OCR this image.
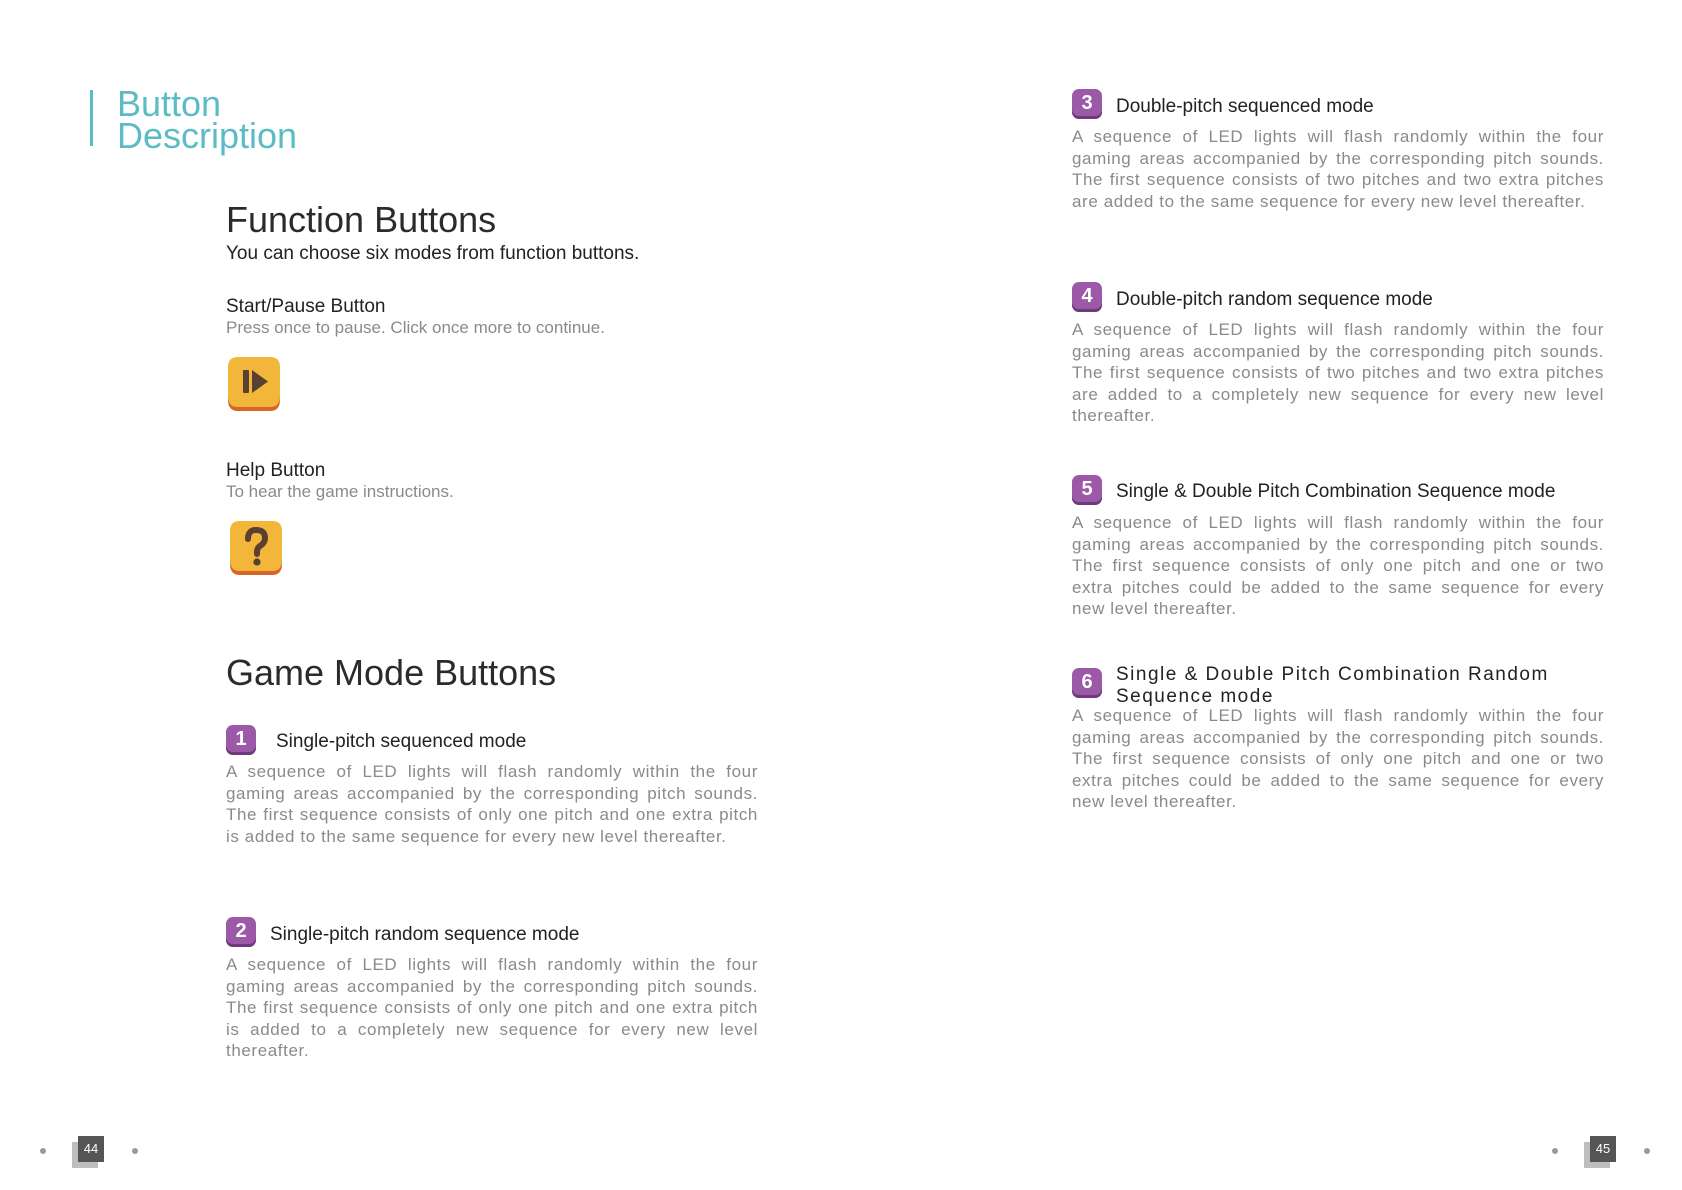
Button
Description
Function Buttons
You can choose six modes from function buttons.
Start/Pause Button
Press once to pause. Click once more to continue.
Help Button
To hear the game instructions.
Game Mode Buttons
1	Single-pitch sequenced mode
A sequence of LED lights will flash randomly within the four gaming areas accompanied by the corresponding pitch sounds. The first sequence consists of only one pitch and one extra pitch is added to the same sequence for every new level thereafter.
2	Single-pitch random sequence mode
A sequence of LED lights will flash randomly within the four gaming areas accompanied by the corresponding pitch sounds. The first sequence consists of only one pitch and one extra pitch is added to a completely new sequence for every new level thereafter.
3	Double-pitch sequenced mode
A sequence of LED lights will flash randomly within the four gaming areas accompanied by the corresponding pitch sounds. The first sequence consists of two pitches and two extra pitches are added to the same sequence for every new level thereafter.
4	Double-pitch random sequence mode
A sequence of LED lights will flash randomly within the four gaming areas accompanied by the corresponding pitch sounds. The first sequence consists of two pitches and two extra pitches are added to a completely new sequence for every new level thereafter.
5	Single & Double Pitch Combination Sequence mode
A sequence of LED lights will flash randomly within the four gaming areas accompanied by the corresponding pitch sounds. The first sequence consists of only one pitch and one or two extra pitches could be added to the same sequence for every new level thereafter.
6	Single & Double Pitch Combination Random Sequence mode
A sequence of LED lights will flash randomly within the four gaming areas accompanied by the corresponding pitch sounds. The first sequence consists of only one pitch and one or two extra pitches could be added to the same sequence for every new level thereafter.
44	45
